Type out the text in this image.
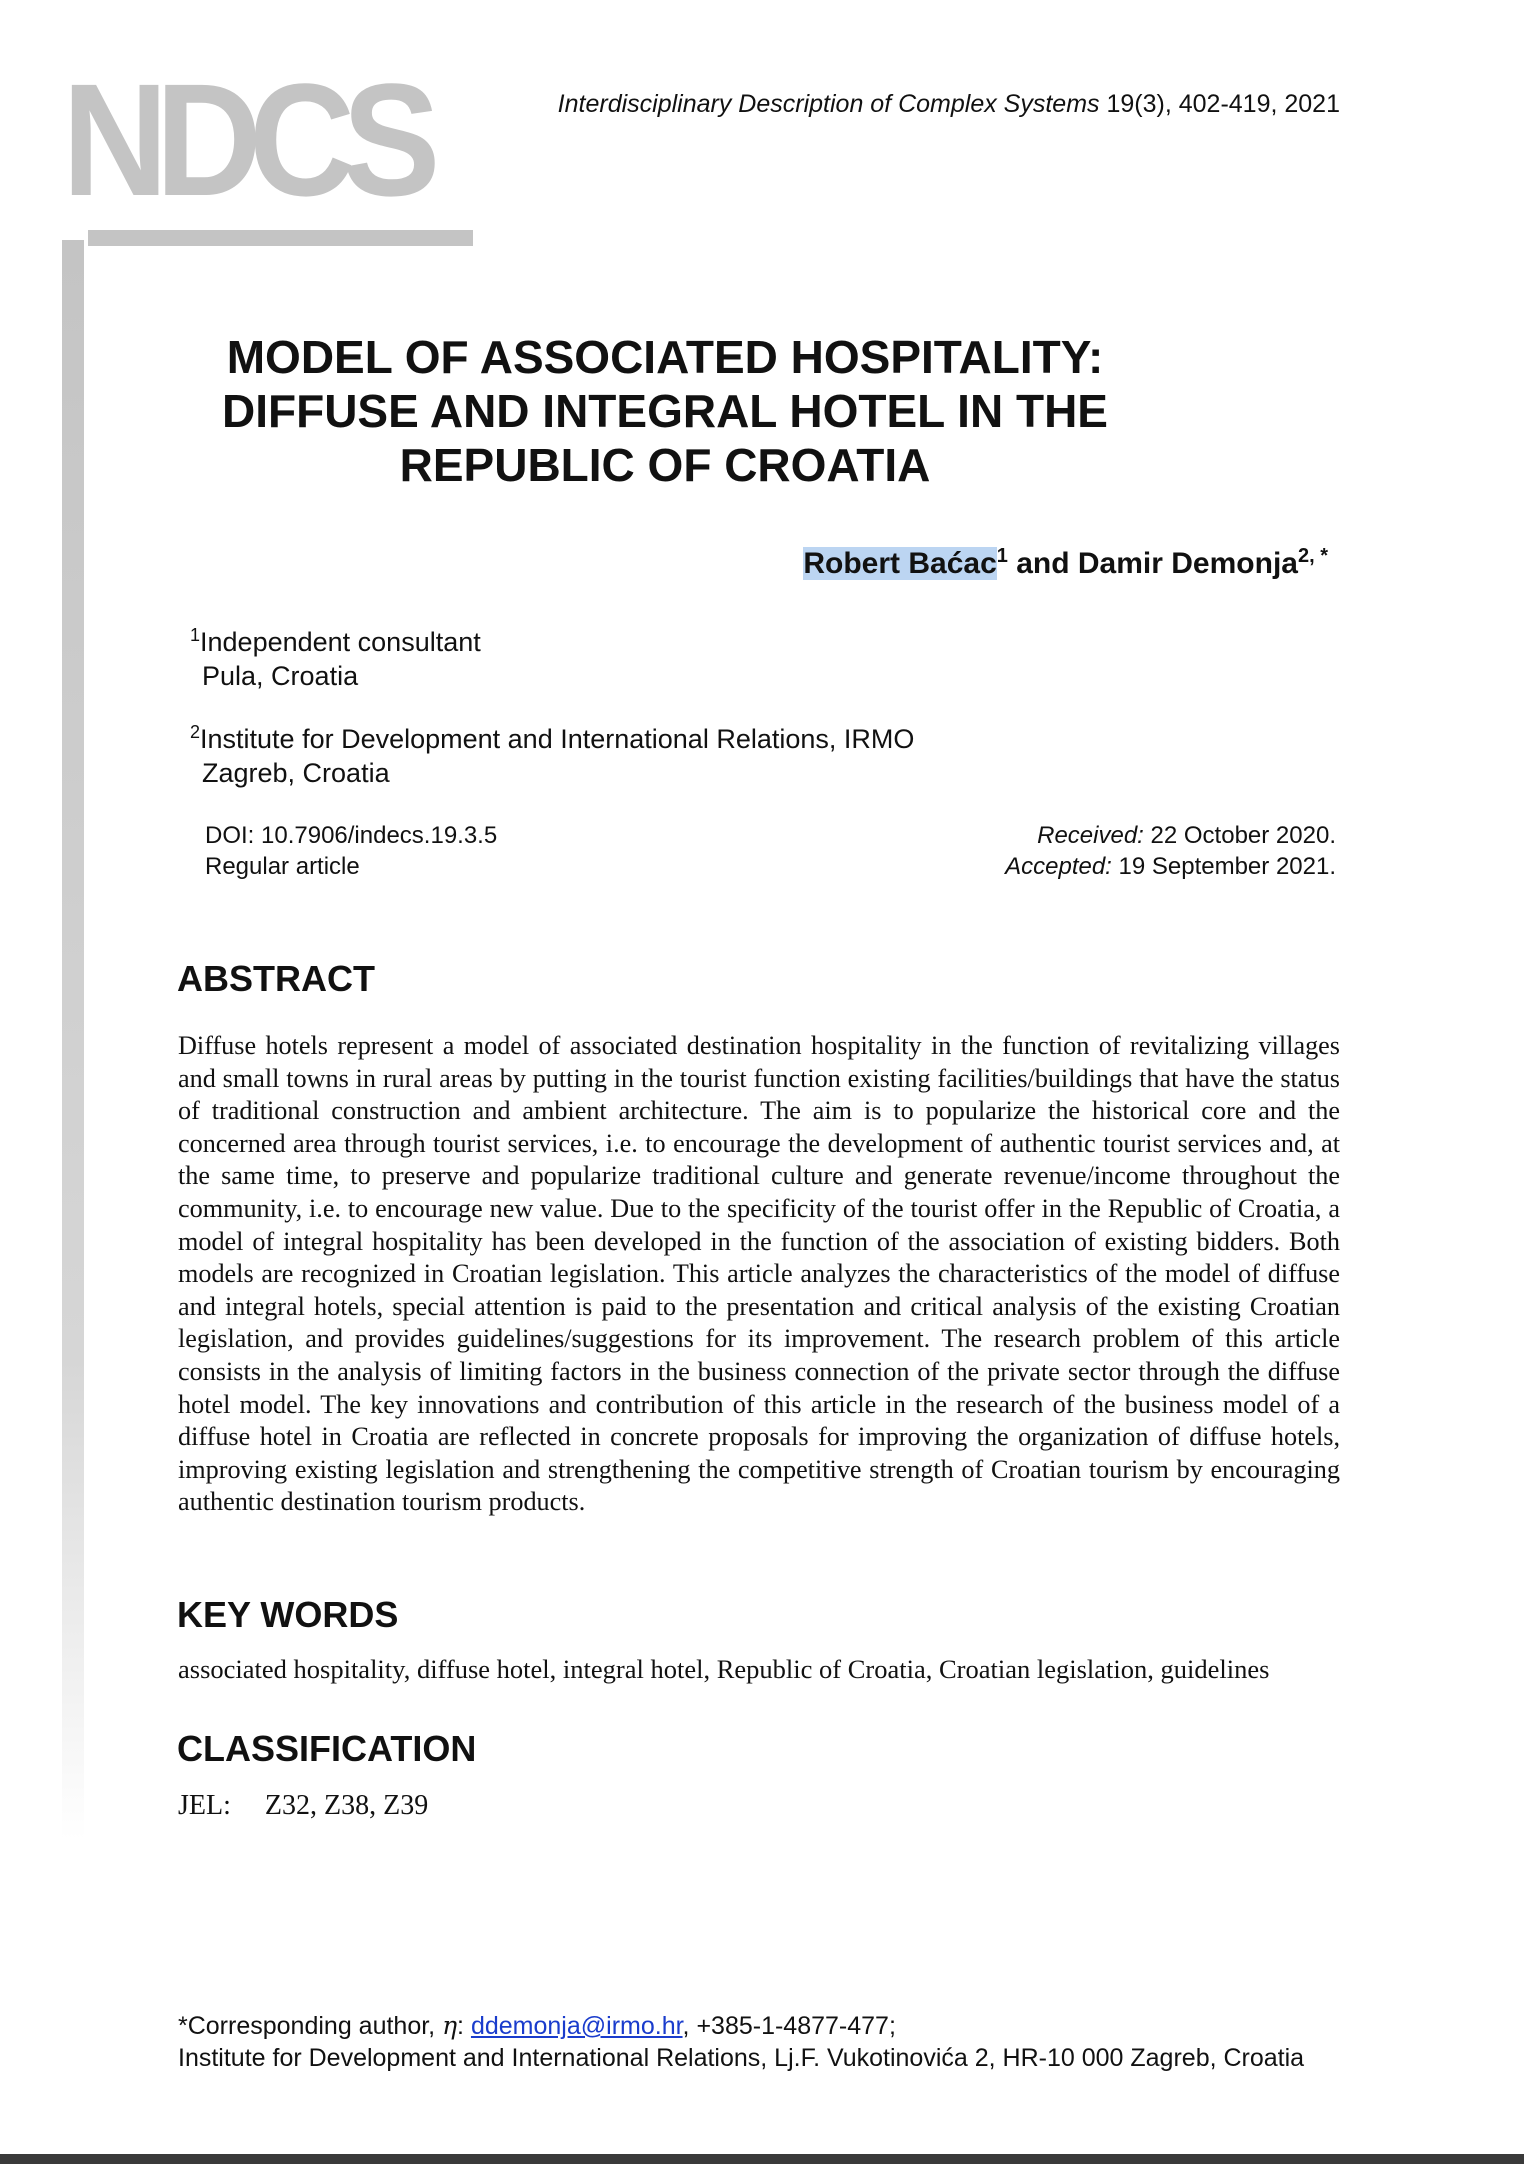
NDCS	Interdisciplinary Description of Complex Systems 19(3), 402-419, 2021
MODEL OF ASSOCIATED HOSPITALITY:
DIFFUSE AND INTEGRAL HOTEL IN THE
REPUBLIC OF CROATIA
Robert Baćac$^1$ and Damir Demonja$^{2, *}$
$^1$Independent consultant
Pula, Croatia
$^2$Institute for Development and International Relations, IRMO
Zagreb, Croatia
DOI: 10.7906/indecs.19.3.5
Regular article
Received: 22 October 2020.
Accepted: 19 September 2021.
ABSTRACT

Diffuse hotels represent a model of associated destination hospitality in the function of revitalizing villages and small towns in rural areas by putting in the tourist function existing facilities/buildings that have the status of traditional construction and ambient architecture. The aim is to popularize the historical core and the concerned area through tourist services, i.e. to encourage the development of authentic tourist services and, at the same time, to preserve and popularize traditional culture and generate revenue/income throughout the community, i.e. to encourage new value. Due to the specificity of the tourist offer in the Republic of Croatia, a model of integral hospitality has been developed in the function of the association of existing bidders. Both models are recognized in Croatian legislation. This article analyzes the characteristics of the model of diffuse and integral hotels, special attention is paid to the presentation and critical analysis of the existing Croatian legislation, and provides guidelines/suggestions for its improvement. The research problem of this article consists in the analysis of limiting factors in the business connection of the private sector through the diffuse hotel model. The key innovations and contribution of this article in the research of the business model of a diffuse hotel in Croatia are reflected in concrete proposals for improving the organization of diffuse hotels, improving existing legislation and strengthening the competitive strength of Croatian tourism by encouraging authentic destination tourism products.

KEY WORDS

associated hospitality, diffuse hotel, integral hotel, Republic of Croatia, Croatian legislation, guidelines

CLASSIFICATION

JEL: Z32, Z38, Z39

*Corresponding author, η: ddemonja@irmo.hr, +385-1-4877-477;
Institute for Development and International Relations, Lj.F. Vukotinovića 2, HR-10 000 Zagreb, Croatia
